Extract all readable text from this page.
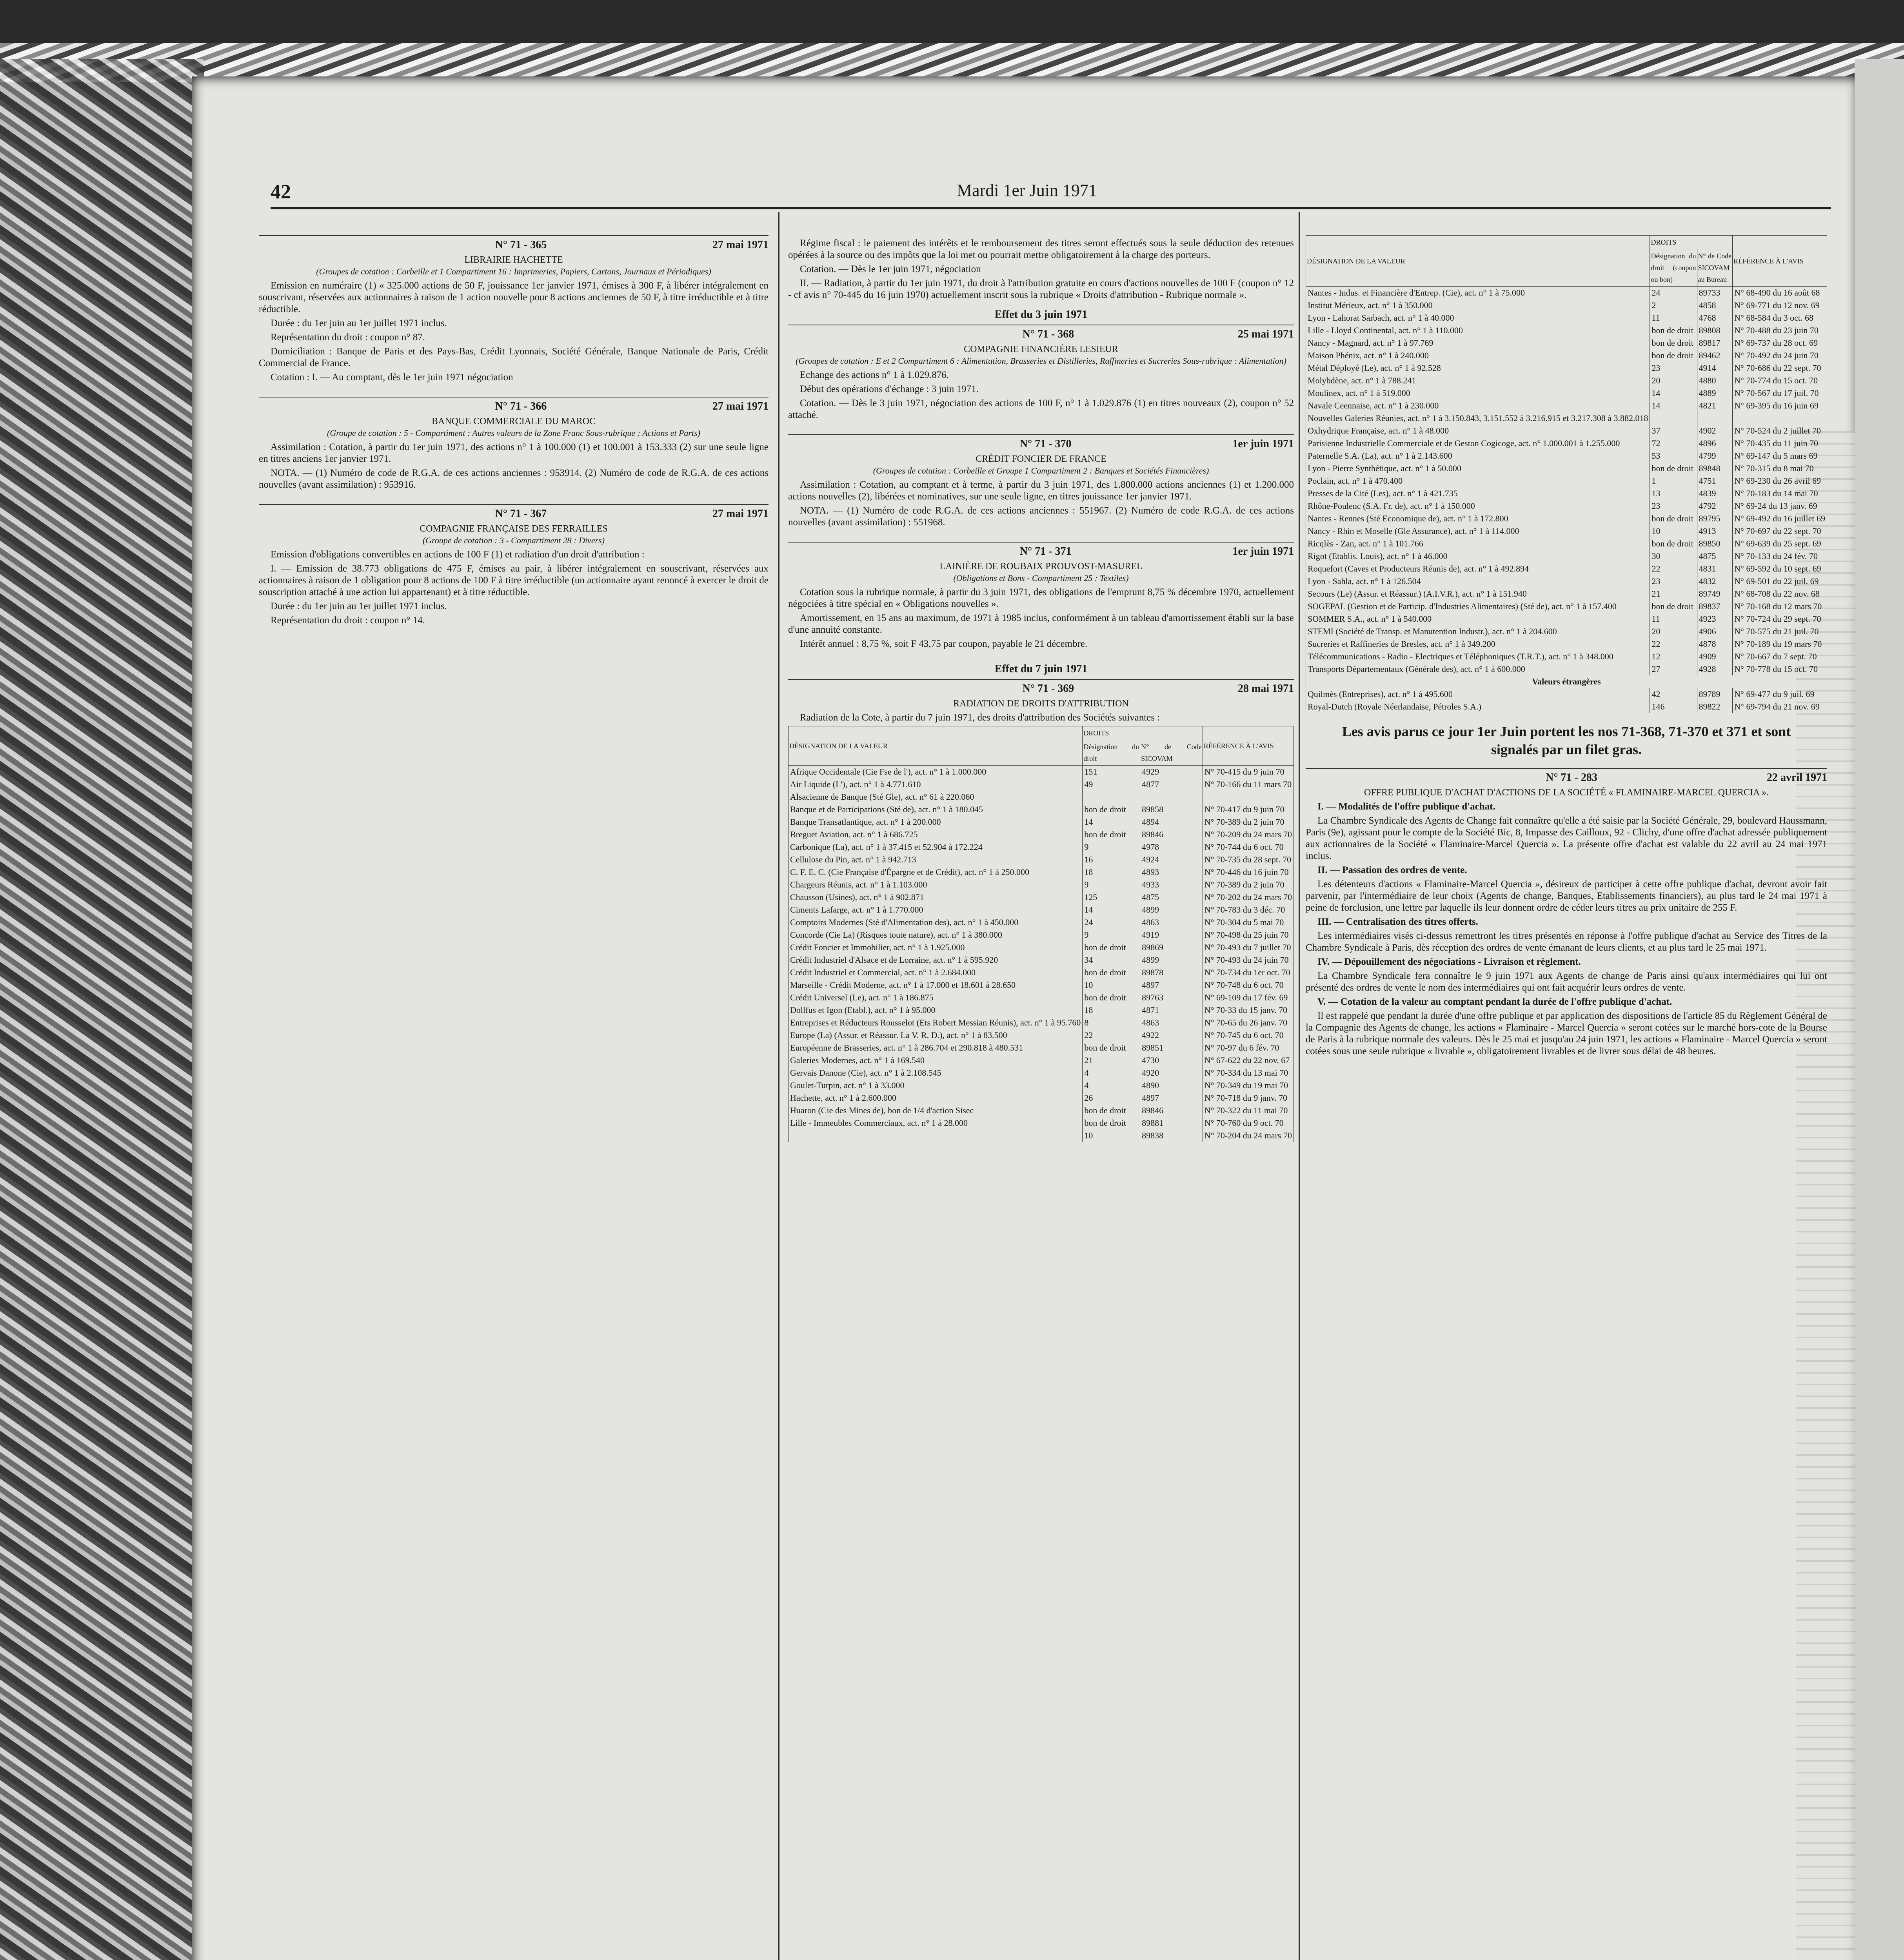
42	Mardi 1er Juin 1971
N° 71 - 365	27 mai 1971
LIBRAIRIE HACHETTE
(Groupes de cotation : Corbeille et 1 Compartiment 16 : Imprimeries, Papiers, Cartons, Journaux et Périodiques)
Emission en numéraire (1) « 325.000 actions de 50 F, jouissance 1er janvier 1971, émises à 300 F, à libérer intégralement en souscrivant, réservées aux actionnaires à raison de 1 action nouvelle pour 8 actions anciennes de 50 F, à titre irréductible et à titre réductible.
Durée : du 1er juin au 1er juillet 1971 inclus.
Représentation du droit : coupon n° 87.
Domiciliation : Banque de Paris et des Pays-Bas, Crédit Lyonnais, Société Générale, Banque Nationale de Paris, Crédit Commercial de France.
Cotation : I. — Au comptant, dès le 1er juin 1971 négociation
N° 71 - 366	27 mai 1971
BANQUE COMMERCIALE DU MAROC
(Groupe de cotation : 5 - Compartiment : Autres valeurs de la Zone Franc Sous-rubrique : Actions et Parts)
Assimilation : Cotation, à partir du 1er juin 1971, des actions n° 1 à 100.000 (1) et 100.001 à 153.333 (2) sur une seule ligne en titres anciens 1er janvier 1971.
NOTA. — (1) Numéro de code de R.G.A. de ces actions anciennes : 953914. (2) Numéro de code de R.G.A. de ces actions nouvelles (avant assimilation) : 953916.
N° 71 - 367	27 mai 1971
COMPAGNIE FRANÇAISE DES FERRAILLES
(Groupe de cotation : 3 - Compartiment 28 : Divers)
Emission d'obligations convertibles en actions de 100 F (1) et radiation d'un droit d'attribution :
I. — Emission de 38.773 obligations de 475 F, émises au pair, à libérer intégralement en souscrivant, réservées aux actionnaires à raison de 1 obligation pour 8 actions de 100 F à titre irréductible (un actionnaire ayant renoncé à exercer le droit de souscription attaché à une action lui appartenant) et à titre réductible.
Durée : du 1er juin au 1er juillet 1971 inclus.
Représentation du droit : coupon n° 14.
Régime fiscal : le paiement des intérêts et le remboursement des titres seront effectués sous la seule déduction des retenues opérées à la source ou des impôts que la loi met ou pourrait mettre obligatoirement à la charge des porteurs.
Cotation. — Dès le 1er juin 1971, négociation
II. — Radiation, à partir du 1er juin 1971, du droit à l'attribution gratuite en cours d'actions nouvelles de 100 F (coupon n° 12 - cf avis n° 70-445 du 16 juin 1970) actuellement inscrit sous la rubrique « Droits d'attribution - Rubrique normale ».
Effet du 3 juin 1971
N° 71 - 368	25 mai 1971
COMPAGNIE FINANCIÈRE LESIEUR
(Groupes de cotation : E et 2 Compartiment 6 : Alimentation, Brasseries et Distilleries, Raffineries et Sucreries Sous-rubrique : Alimentation)
Echange des actions n° 1 à 1.029.876.
Début des opérations d'échange : 3 juin 1971.
Cotation. — Dès le 3 juin 1971, négociation des actions de 100 F, n° 1 à 1.029.876 (1) en titres nouveaux (2), coupon n° 52 attaché.
N° 71 - 370	1er juin 1971
CRÉDIT FONCIER DE FRANCE
(Groupes de cotation : Corbeille et Groupe 1 Compartiment 2 : Banques et Sociétés Financières)
Assimilation : Cotation, au comptant et à terme, à partir du 3 juin 1971, des 1.800.000 actions anciennes (1) et 1.200.000 actions nouvelles (2), libérées et nominatives, sur une seule ligne, en titres jouissance 1er janvier 1971.
NOTA. — (1) Numéro de code R.G.A. de ces actions anciennes : 551967. (2) Numéro de code R.G.A. de ces actions nouvelles (avant assimilation) : 551968.
N° 71 - 371	1er juin 1971
LAINIÈRE DE ROUBAIX PROUVOST-MASUREL
(Obligations et Bons - Compartiment 25 : Textiles)
Cotation sous la rubrique normale, à partir du 3 juin 1971, des obligations de l'emprunt 8,75 % décembre 1970, actuellement négociées à titre spécial en « Obligations nouvelles ».
Amortissement, en 15 ans au maximum, de 1971 à 1985 inclus, conformément à un tableau d'amortissement établi sur la base d'une annuité constante.
Intérêt annuel : 8,75 %, soit F 43,75 par coupon, payable le 21 décembre.
Effet du 7 juin 1971
N° 71 - 369	28 mai 1971
RADIATION DE DROITS D'ATTRIBUTION
Radiation de la Cote, à partir du 7 juin 1971, des droits d'attribution des Sociétés suivantes :
DÉSIGNATION DE LA VALEUR	DROITS		RÉFÉRENCE À L'AVIS
	Désignation du droit	N° de Code SICOVAM	
Afrique Occidentale (Cie Fse de l'), act. n° 1 à 1.000.000	151	4929	N° 70-415 du 9 juin 70
Air Liquide (L'), act. n° 1 à 4.771.610	49	4877	N° 70-166 du 11 mars 70
Alsacienne de Banque (Sté Gle), act. n° 61 à 220.060			
Banque et de Participations (Sté de), act. n° 1 à 180.045	bon de droit	89858	N° 70-417 du 9 juin 70
Banque Transatlantique, act. n° 1 à 200.000	14	4894	N° 70-389 du 2 juin 70
Breguet Aviation, act. n° 1 à 686.725	bon de droit	89846	N° 70-209 du 24 mars 70
Carbonique (La), act. n° 1 à 37.415 et 52.904 à 172.224	9	4978	N° 70-744 du 6 oct. 70
Cellulose du Pin, act. n° 1 à 942.713	16	4924	N° 70-735 du 28 sept. 70
C. F. E. C. (Cie Française d'Épargne et de Crédit), act. n° 1 à 250.000	18	4893	N° 70-446 du 16 juin 70
Chargeurs Réunis, act. n° 1 à 1.103.000	9	4933	N° 70-389 du 2 juin 70
Chausson (Usines), act. n° 1 à 902.871	125	4875	N° 70-202 du 24 mars 70
Ciments Lafarge, act. n° 1 à 1.770.000	14	4899	N° 70-783 du 3 déc. 70
Comptoirs Modernes (Sté d'Alimentation des), act. n° 1 à 450.000	24	4863	N° 70-304 du 5 mai 70
Concorde (Cie La) (Risques toute nature), act. n° 1 à 380.000	9	4919	N° 70-498 du 25 juin 70
Crédit Foncier et Immobilier, act. n° 1 à 1.925.000	bon de droit	89869	N° 70-493 du 7 juillet 70
Crédit Industriel d'Alsace et de Lorraine, act. n° 1 à 595.920	34	4899	N° 70-493 du 24 juin 70
Crédit Industriel et Commercial, act. n° 1 à 2.684.000	bon de droit	89878	N° 70-734 du 1er oct. 70
Marseille - Crédit Moderne, act. n° 1 à 17.000 et 18.601 à 28.650	10	4897	N° 70-748 du 6 oct. 70
Crédit Universel (Le), act. n° 1 à 186.875	bon de droit	89763	N° 69-109 du 17 fév. 69
Dollfus et Igon (Etabl.), act. n° 1 à 95.000	18	4871	N° 70-33 du 15 janv. 70
Entreprises et Réducteurs Rousselot (Ets Robert Messian Réunis), act. n° 1 à 95.760	8	4863	N° 70-65 du 26 janv. 70
Europe (La) (Assur. et Réassur. La V. R. D.), act. n° 1 à 83.500	22	4922	N° 70-745 du 6 oct. 70
Européenne de Brasseries, act. n° 1 à 286.704 et 290.818 à 480.531	bon de droit	89851	N° 70-97 du 6 fév. 70
Galeries Modernes, act. n° 1 à 169.540	21	4730	N° 67-622 du 22 nov. 67
Gervais Danone (Cie), act. n° 1 à 2.108.545	4	4920	N° 70-334 du 13 mai 70
Goulet-Turpin, act. n° 1 à 33.000	4	4890	N° 70-349 du 19 mai 70
Hachette, act. n° 1 à 2.600.000	26	4897	N° 70-718 du 9 janv. 70
Huaron (Cie des Mines de), bon de 1/4 d'action Sisec	bon de droit	89846	N° 70-322 du 11 mai 70
Lille - Immeubles Commerciaux, act. n° 1 à 28.000	bon de droit	89881	N° 70-760 du 9 oct. 70
	10	89838	N° 70-204 du 24 mars 70
DÉSIGNATION DE LA VALEUR	DROITS		RÉFÉRENCE À L'AVIS
	Désignation du droit (coupon ou bon)	N° de Code SICOVAM au Bureau	
Nantes - Indus. et Financière d'Entrep. (Cie), act. n° 1 à 75.000	24	89733	N° 68-490 du 16 août 68
Institut Mérieux, act. n° 1 à 350.000	2	4858	N° 69-771 du 12 nov. 69
Lyon - Lahorat Sarbach, act. n° 1 à 40.000	11	4768	N° 68-584 du 3 oct. 68
Lille - Lloyd Continental, act. n° 1 à 110.000	bon de droit	89808	N° 70-488 du 23 juin 70
Nancy - Magnard, act. n° 1 à 97.769	bon de droit	89817	N° 69-737 du 28 oct. 69
Maison Phénix, act. n° 1 à 240.000	bon de droit	89462	N° 70-492 du 24 juin 70
Métal Déployé (Le), act. n° 1 à 92.528	23	4914	N° 70-686 du 22 sept. 70
Molybdène, act. n° 1 à 788.241	20	4880	N° 70-774 du 15 oct. 70
Moulinex, act. n° 1 à 519.000	14	4889	N° 70-567 du 17 juil. 70
Navale Ceennaise, act. n° 1 à 230.000	14	4821	N° 69-395 du 16 juin 69
Nouvelles Galeries Réunies, act. n° 1 à 3.150.843, 3.151.552 à 3.216.915 et 3.217.308 à 3.882.018			
Oxhydrique Française, act. n° 1 à 48.000	37	4902	N° 70-524 du 2 juillet 70
Parisienne Industrielle Commerciale et de Geston Cogicoge, act. n° 1.000.001 à 1.255.000	72	4896	N° 70-435 du 11 juin 70
Paternelle S.A. (La), act. n° 1 à 2.143.600	53	4799	N° 69-147 du 5 mars 69
Lyon - Pierre Synthétique, act. n° 1 à 50.000	bon de droit	89848	N° 70-315 du 8 mai 70
Poclain, act. n° 1 à 470.400	1	4751	N° 69-230 du 26 avril 69
Presses de la Cité (Les), act. n° 1 à 421.735	13	4839	N° 70-183 du 14 mai 70
Rhône-Poulenc (S.A. Fr. de), act. n° 1 à 150.000	23	4792	N° 69-24 du 13 janv. 69
Nantes - Rennes (Sté Economique de), act. n° 1 à 172.800	bon de droit	89795	N° 69-492 du 16 juillet 69
Nancy - Rhin et Moselle (Gle Assurance), act. n° 1 à 114.000	10	4913	N° 70-697 du 22 sept. 70
Ricqlès - Zan, act. n° 1 à 101.766	bon de droit	89850	N° 69-639 du 25 sept. 69
Rigot (Etablis. Louis), act. n° 1 à 46.000	30	4875	N° 70-133 du 24 fév. 70
Roquefort (Caves et Producteurs Réunis de), act. n° 1 à 492.894	22	4831	N° 69-592 du 10 sept. 69
Lyon - Sahla, act. n° 1 à 126.504	23	4832	N° 69-501 du 22 juil. 69
Secours (Le) (Assur. et Réassur.) (A.I.V.R.), act. n° 1 à 151.940	21	89749	N° 68-708 du 22 nov. 68
SOGEPAL (Gestion et de Particip. d'Industries Alimentaires) (Sté de), act. n° 1 à 157.400	bon de droit	89837	N° 70-168 du 12 mars 70
SOMMER S.A., act. n° 1 à 540.000	11	4923	N° 70-724 du 29 sept. 70
STEMI (Société de Transp. et Manutention Industr.), act. n° 1 à 204.600	20	4906	N° 70-575 du 21 juil. 70
Sucreries et Raffineries de Bresles, act. n° 1 à 349.200	22	4878	N° 70-189 du 19 mars 70
Télécommunications - Radio - Electriques et Téléphoniques (T.R.T.), act. n° 1 à 348.000	12	4909	N° 70-667 du 7 sept. 70
Transports Départementaux (Générale des), act. n° 1 à 600.000	27	4928	N° 70-778 du 15 oct. 70
Valeurs étrangères			
Quilmès (Entreprises), act. n° 1 à 495.600	42	89789	N° 69-477 du 9 juil. 69
Royal-Dutch (Royale Néerlandaise, Pétroles S.A.)	146	89822	N° 69-794 du 21 nov. 69
Les avis parus ce jour 1er Juin portent les nos 71-368, 71-370 et 371 et sont signalés par un filet gras.
N° 71 - 283	22 avril 1971
OFFRE PUBLIQUE D'ACHAT D'ACTIONS DE LA SOCIÉTÉ « FLAMINAIRE-MARCEL QUERCIA ».
I. — Modalités de l'offre publique d'achat.
La Chambre Syndicale des Agents de Change fait connaître qu'elle a été saisie par la Société Générale, 29, boulevard Haussmann, Paris (9e), agissant pour le compte de la Société Bic, 8, Impasse des Cailloux, 92 - Clichy, d'une offre d'achat adressée publiquement aux actionnaires de la Société « Flaminaire-Marcel Quercia ». La présente offre d'achat est valable du 22 avril au 24 mai 1971 inclus.
II. — Passation des ordres de vente.
Les détenteurs d'actions « Flaminaire-Marcel Quercia », désireux de participer à cette offre publique d'achat, devront avoir fait parvenir, par l'intermédiaire de leur choix (Agents de change, Banques, Etablissements financiers), au plus tard le 24 mai 1971 à peine de forclusion, une lettre par laquelle ils leur donnent ordre de céder leurs titres au prix unitaire de 255 F.
III. — Centralisation des titres offerts.
Les intermédiaires visés ci-dessus remettront les titres présentés en réponse à l'offre publique d'achat au Service des Titres de la Chambre Syndicale à Paris, dès réception des ordres de vente émanant de leurs clients, et au plus tard le 25 mai 1971.
IV. — Dépouillement des négociations - Livraison et règlement.
La Chambre Syndicale fera connaître le 9 juin 1971 aux Agents de change de Paris ainsi qu'aux intermédiaires qui lui ont présenté des ordres de vente le nom des intermédiaires qui ont fait acquérir leurs ordres de vente.
V. — Cotation de la valeur au comptant pendant la durée de l'offre publique d'achat.
Il est rappelé que pendant la durée d'une offre publique et par application des dispositions de l'article 85 du Règlement Général de la Compagnie des Agents de change, les actions « Flaminaire - Marcel Quercia » seront cotées sur le marché hors-cote de la Bourse de Paris à la rubrique normale des valeurs. Dès le 25 mai et jusqu'au 24 juin 1971, les actions « Flaminaire - Marcel Quercia » seront cotées sous une seule rubrique « livrable », obligatoirement livrables et de livrer sous délai de 48 heures.
